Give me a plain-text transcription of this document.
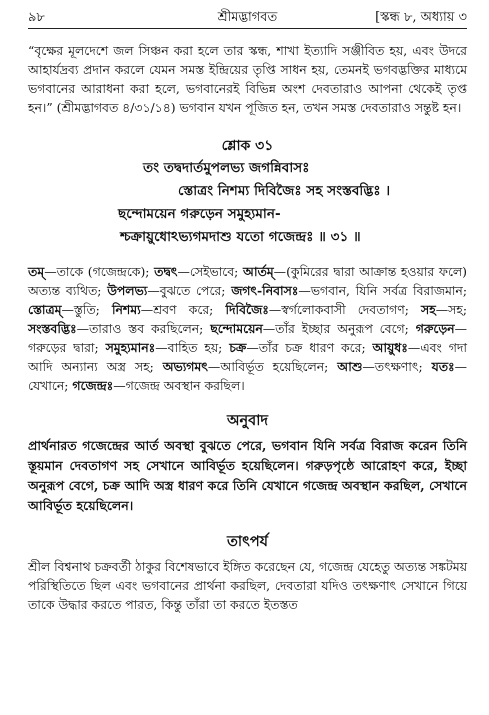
৯৮	শ্রীমদ্ভাগবত	[স্কন্ধ ৮, অধ্যায় ৩

“বৃক্ষের মূলদেশে জল সিঞ্চন করা হলে তার স্কন্ধ, শাখা ইত্যাদি সঞ্জীবিত হয়, এবং উদরে আহার্যদ্রব্য প্রদান করলে যেমন সমস্ত ইন্দ্রিয়ের তৃপ্তি সাধন হয়, তেমনই ভগবদ্ভক্তির মাধ্যমে ভগবানের আরাধনা করা হলে, ভগবানেরই বিভিন্ন অংশ দেবতারাও আপনা থেকেই তৃপ্ত হন।” (শ্রীমদ্ভাগবত ৪/৩১/১৪) ভগবান যখন পূজিত হন, তখন সমস্ত দেবতারাও সন্তুষ্ট হন।

শ্লোক ৩১
তং তদ্বদার্তমুপলভ্য জগন্নিবাসঃ
স্তোত্রং নিশম্য দিবিজৈঃ সহ সংস্তবদ্ভিঃ ।
ছন্দোময়েন গরুড়েন সমুহ্যমান-
শ্চক্রায়ুধোঽভ্যগমদাশু যতো গজেন্দ্রঃ ॥ ৩১ ॥

তম্—তাকে (গজেন্দ্রকে); তদ্বৎ—সেইভাবে; আর্তম্—(কুমিরের দ্বারা আক্রান্ত হওয়ার ফলে) অত্যন্ত ব্যথিত; উপলভ্য—বুঝতে পেরে; জগৎ-নিবাসঃ—ভগবান, যিনি সর্বত্র বিরাজমান; স্তোত্রম্—স্তুতি; নিশম্য—শ্রবণ করে; দিবিজৈঃ—স্বর্গলোকবাসী দেবতাগণ; সহ—সহ; সংস্তবদ্ভিঃ—তারাও স্তব করছিলেন; ছন্দোময়েন—তাঁর ইচ্ছার অনুরূপ বেগে; গরুড়েন—গরুড়ের দ্বারা; সমুহ্যমানঃ—বাহিত হয়; চক্র—তাঁর চক্র ধারণ করে; আয়ুধঃ—এবং গদা আদি অন্যান্য অস্ত্র সহ; অভ্যগমৎ—আবির্ভূত হয়েছিলেন; আশু—তৎক্ষণাৎ; যতঃ—যেখানে; গজেন্দ্রঃ—গজেন্দ্র অবস্থান করছিল।

অনুবাদ

প্রার্থনারত গজেন্দ্রের আর্ত অবস্থা বুঝতে পেরে, ভগবান যিনি সর্বত্র বিরাজ করেন তিনি স্তূয়মান দেবতাগণ সহ সেখানে আবির্ভূত হয়েছিলেন। গরুড়পৃষ্ঠে আরোহণ করে, ইচ্ছা অনুরূপ বেগে, চক্র আদি অস্ত্র ধারণ করে তিনি যেখানে গজেন্দ্র অবস্থান করছিল, সেখানে আবির্ভূত হয়েছিলেন।

তাৎপর্য

শ্রীল বিশ্বনাথ চক্রবর্তী ঠাকুর বিশেষভাবে ইঙ্গিত করেছেন যে, গজেন্দ্র যেহেতু অত্যন্ত সঙ্কটময় পরিস্থিতিতে ছিল এবং ভগবানের প্রার্থনা করছিল, দেবতারা যদিও তৎক্ষণাৎ সেখানে গিয়ে তাকে উদ্ধার করতে পারত, কিন্তু তাঁরা তা করতে ইতস্তত
